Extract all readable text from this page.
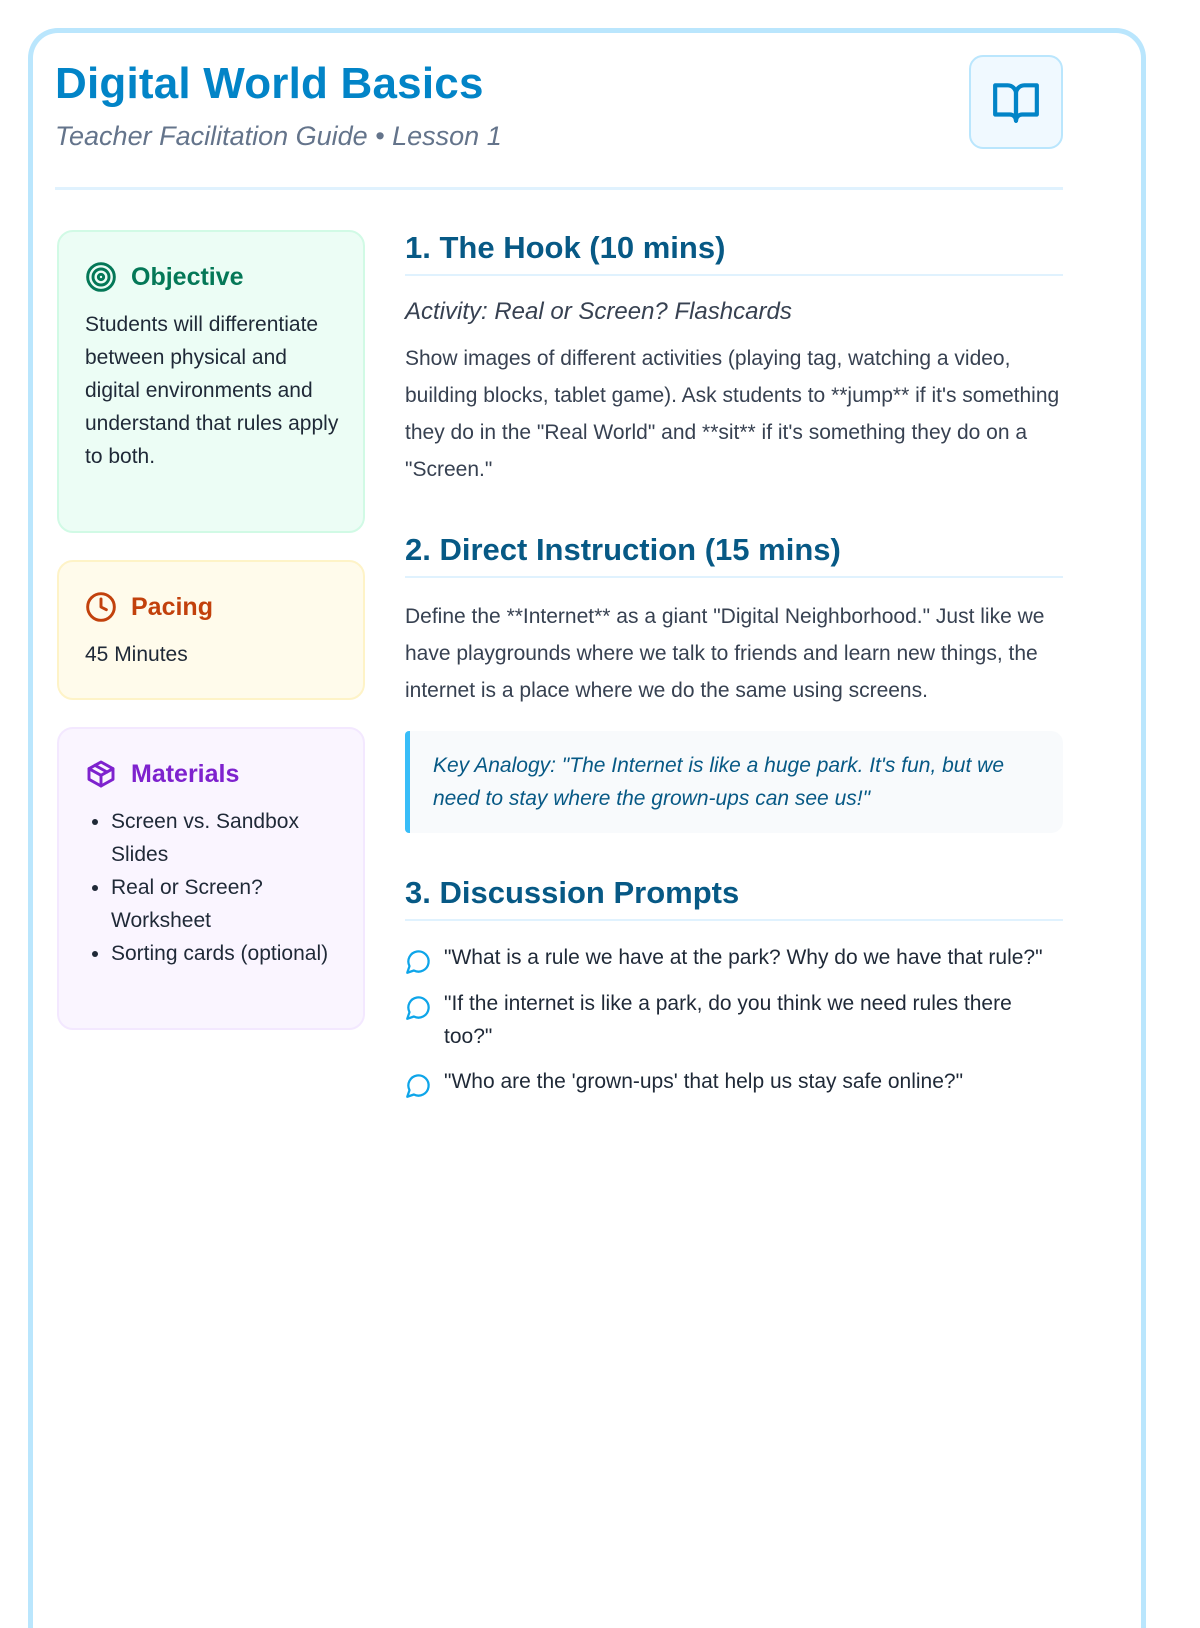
Digital World Basics
Teacher Facilitation Guide • Lesson 1
Objective
Students will differentiate between physical and digital environments and understand that rules apply to both.
Pacing
45 Minutes
Materials
• Screen vs. Sandbox Slides
• Real or Screen? Worksheet
• Sorting cards (optional)
1. The Hook (10 mins)
Activity: Real or Screen? Flashcards
Show images of different activities (playing tag, watching a video, building blocks, tablet game). Ask students to **jump** if it's something they do in the "Real World" and **sit** if it's something they do on a "Screen."
2. Direct Instruction (15 mins)
Define the **Internet** as a giant "Digital Neighborhood." Just like we have playgrounds where we talk to friends and learn new things, the internet is a place where we do the same using screens.
Key Analogy: "The Internet is like a huge park. It's fun, but we need to stay where the grown-ups can see us!"
3. Discussion Prompts
"What is a rule we have at the park? Why do we have that rule?"
"If the internet is like a park, do you think we need rules there too?"
"Who are the 'grown-ups' that help us stay safe online?"
